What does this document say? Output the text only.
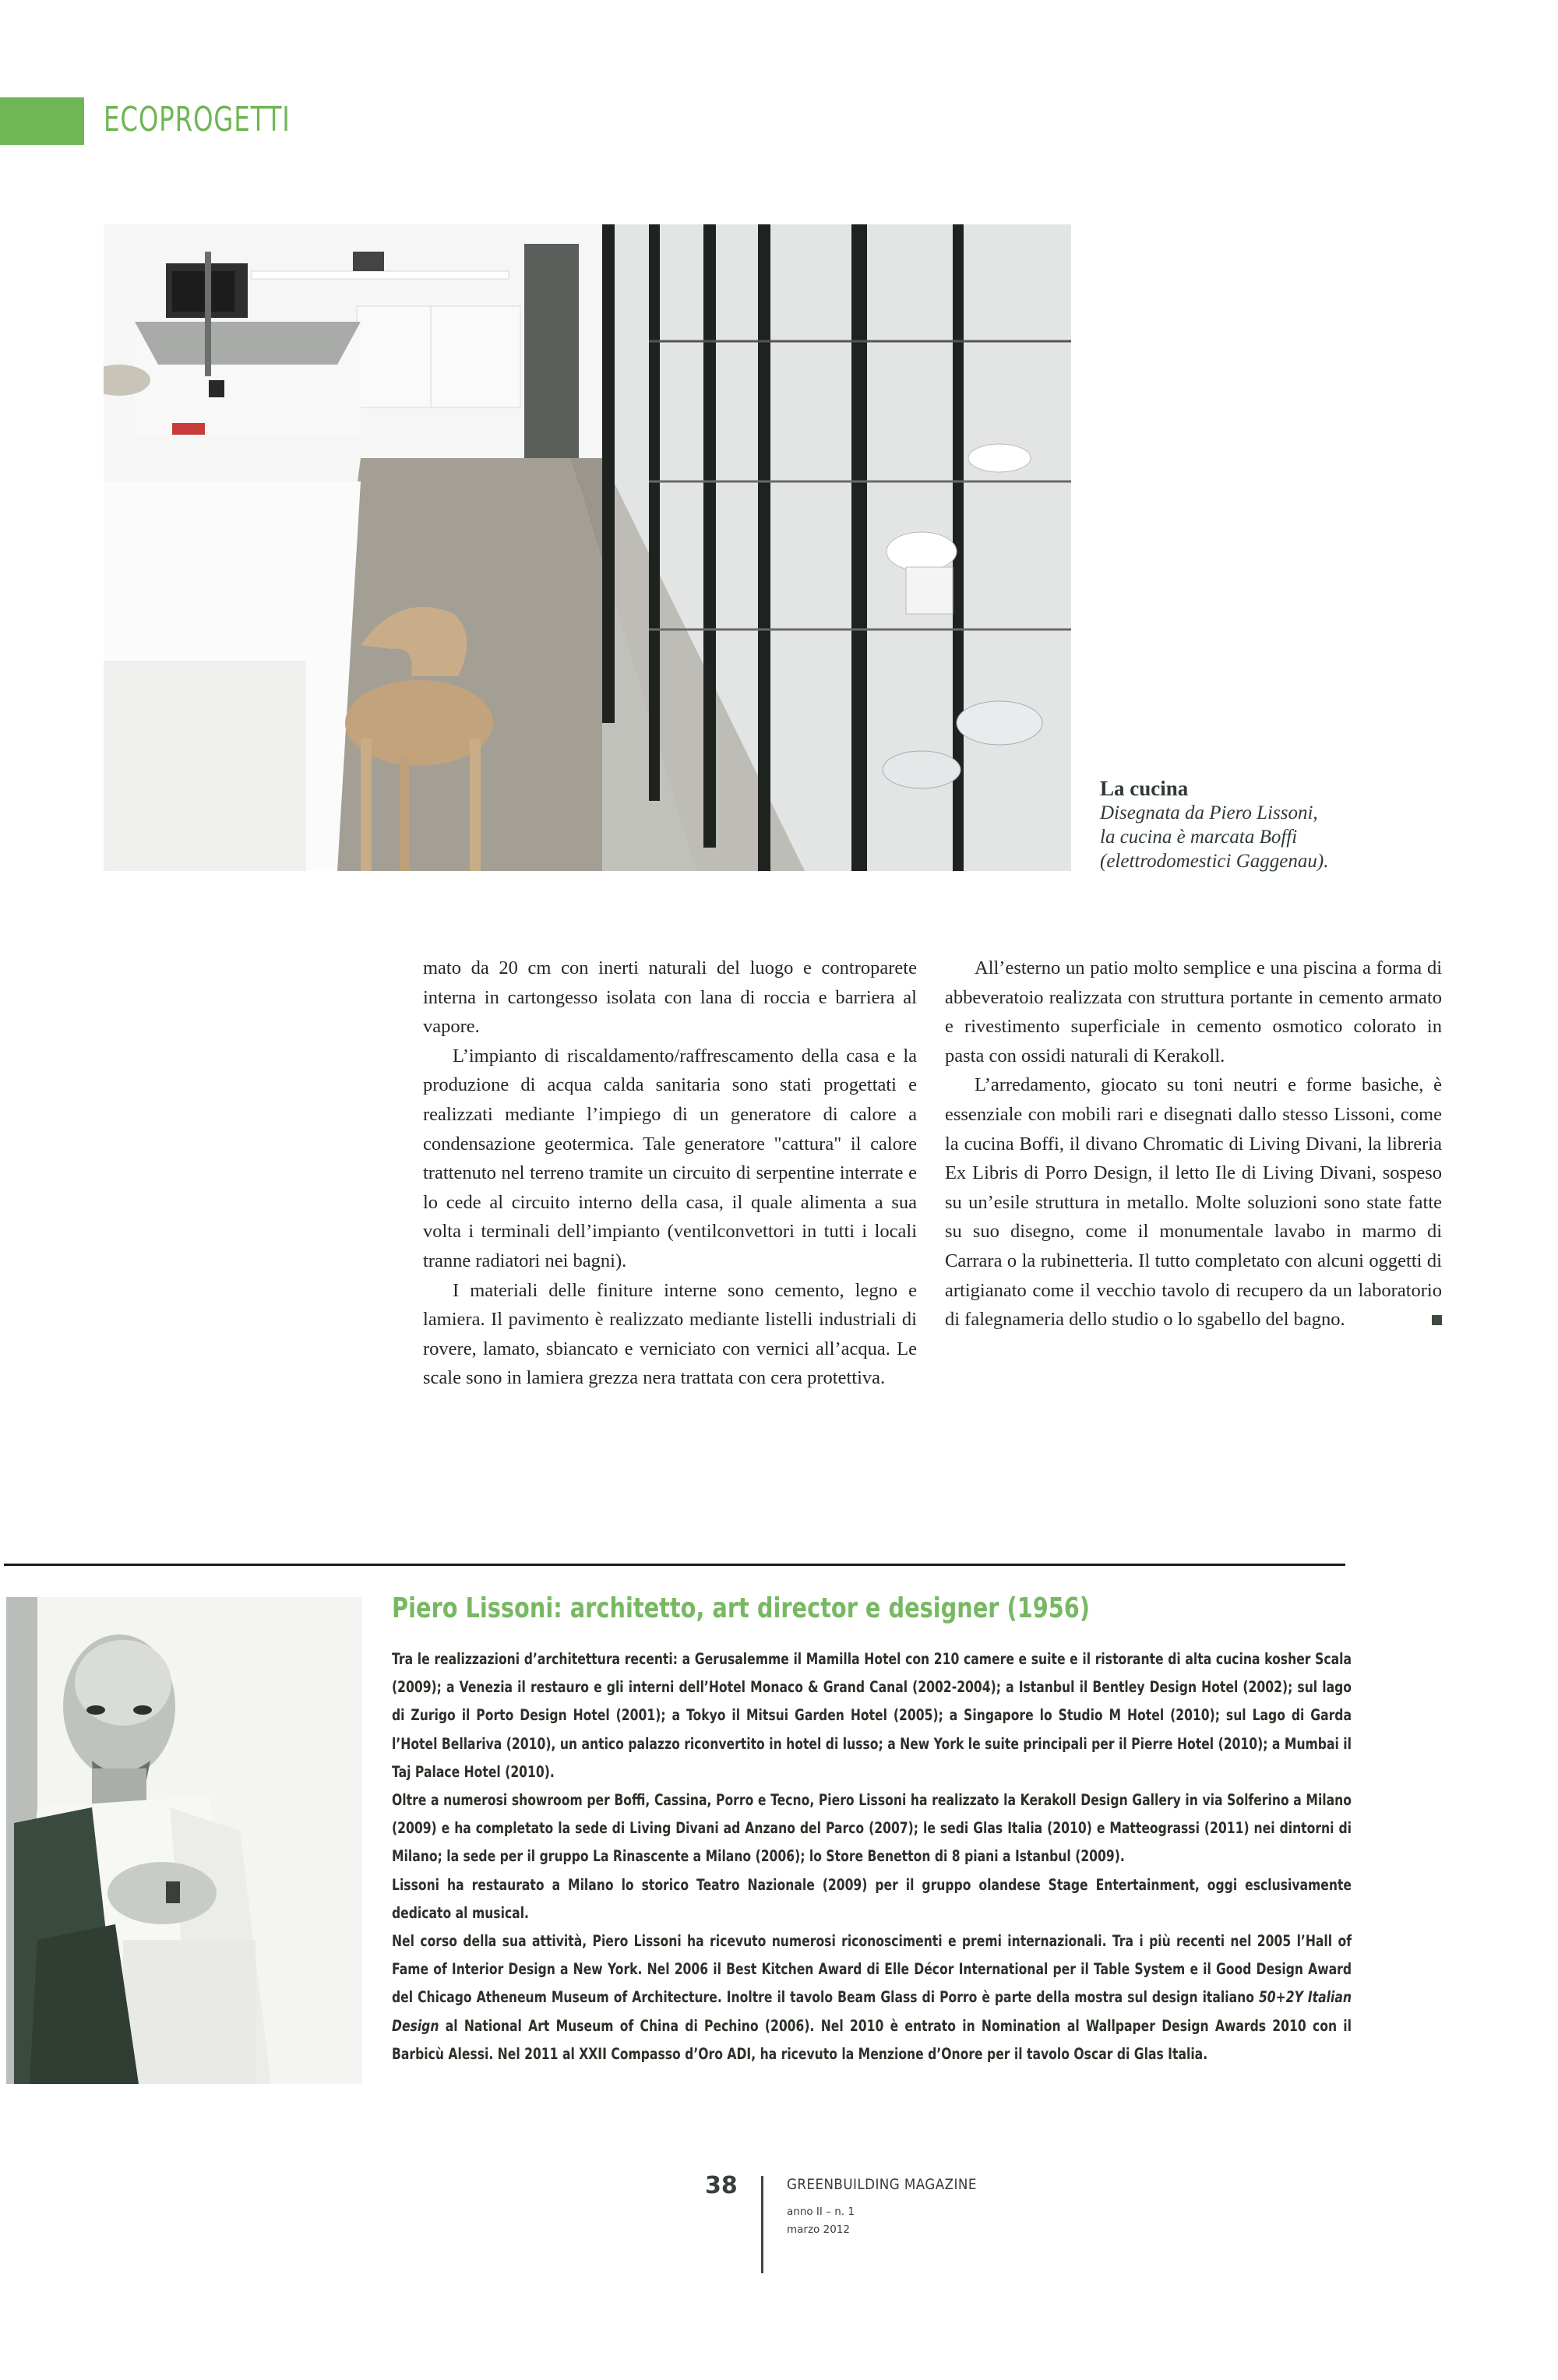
ECOPROGETTI
La cucina
Disegnata da Piero Lissoni,
la cucina è marcata Boffi
(elettrodomestici Gaggenau).

mato da 20 cm con inerti naturali del luogo e controparete interna in cartongesso isolata con lana di roccia e barriera al vapore.

L’impianto di riscaldamento/raffrescamento della casa e la produzione di acqua calda sanitaria sono stati progettati e realizzati mediante l’impiego di un generatore di calore a condensazione geotermica. Tale generatore "cattura" il calore trattenuto nel terreno tramite un circuito di serpentine interrate e lo cede al circuito interno della casa, il quale alimenta a sua volta i terminali dell’impianto (ventilconvettori in tutti i locali tranne radiatori nei bagni).

I materiali delle finiture interne sono cemento, legno e lamiera. Il pavimento è realizzato mediante listelli industriali di rovere, lamato, sbiancato e verniciato con vernici all’acqua. Le scale sono in lamiera grezza nera trattata con cera protettiva.

All’esterno un patio molto semplice e una piscina a forma di abbeveratoio realizzata con struttura portante in cemento armato e rivestimento superficiale in cemento osmotico colorato in pasta con ossidi naturali di Kerakoll.

L’arredamento, giocato su toni neutri e forme basiche, è essenziale con mobili rari e disegnati dallo stesso Lissoni, come la cucina Boffi, il divano Chromatic di Living Divani, la libreria Ex Libris di Porro Design, il letto Ile di Living Divani, sospeso su un’esile struttura in metallo. Molte soluzioni sono state fatte su suo disegno, come il monumentale lavabo in marmo di Carrara o la rubinetteria. Il tutto completato con alcuni oggetti di artigianato come il vecchio tavolo di recupero da un laboratorio di falegnameria dello studio o lo sgabello del bagno.

Piero Lissoni: architetto, art director e designer (1956)

Tra le realizzazioni d’architettura recenti: a Gerusalemme il Mamilla Hotel con 210 camere e suite e il ristorante di alta cucina kosher Scala (2009); a Venezia il restauro e gli interni dell’Hotel Monaco & Grand Canal (2002-2004); a Istanbul il Bentley Design Hotel (2002); sul lago di Zurigo il Porto Design Hotel (2001); a Tokyo il Mitsui Garden Hotel (2005); a Singapore lo Studio M Hotel (2010); sul Lago di Garda l’Hotel Bellariva (2010), un antico palazzo riconvertito in hotel di lusso; a New York le suite principali per il Pierre Hotel (2010); a Mumbai il Taj Palace Hotel (2010).

Oltre a numerosi showroom per Boffi, Cassina, Porro e Tecno, Piero Lissoni ha realizzato la Kerakoll Design Gallery in via Solferino a Milano (2009) e ha completato la sede di Living Divani ad Anzano del Parco (2007); le sedi Glas Italia (2010) e Matteograssi (2011) nei dintorni di Milano; la sede per il gruppo La Rinascente a Milano (2006); lo Store Benetton di 8 piani a Istanbul (2009).

Lissoni ha restaurato a Milano lo storico Teatro Nazionale (2009) per il gruppo olandese Stage Entertainment, oggi esclusivamente dedicato al musical.

Nel corso della sua attività, Piero Lissoni ha ricevuto numerosi riconoscimenti e premi internazionali. Tra i più recenti nel 2005 l’Hall of Fame of Interior Design a New York. Nel 2006 il Best Kitchen Award di Elle Décor International per il Table System e il Good Design Award del Chicago Atheneum Museum of Architecture. Inoltre il tavolo Beam Glass di Porro è parte della mostra sul design italiano 50+2Y Italian Design al National Art Museum of China di Pechino (2006). Nel 2010 è entrato in Nomination al Wallpaper Design Awards 2010 con il Barbicù Alessi. Nel 2011 al XXII Compasso d’Oro ADI, ha ricevuto la Menzione d’Onore per il tavolo Oscar di Glas Italia.

38	GREENBUILDING MAGAZINE
anno II – n. 1
marzo 2012
